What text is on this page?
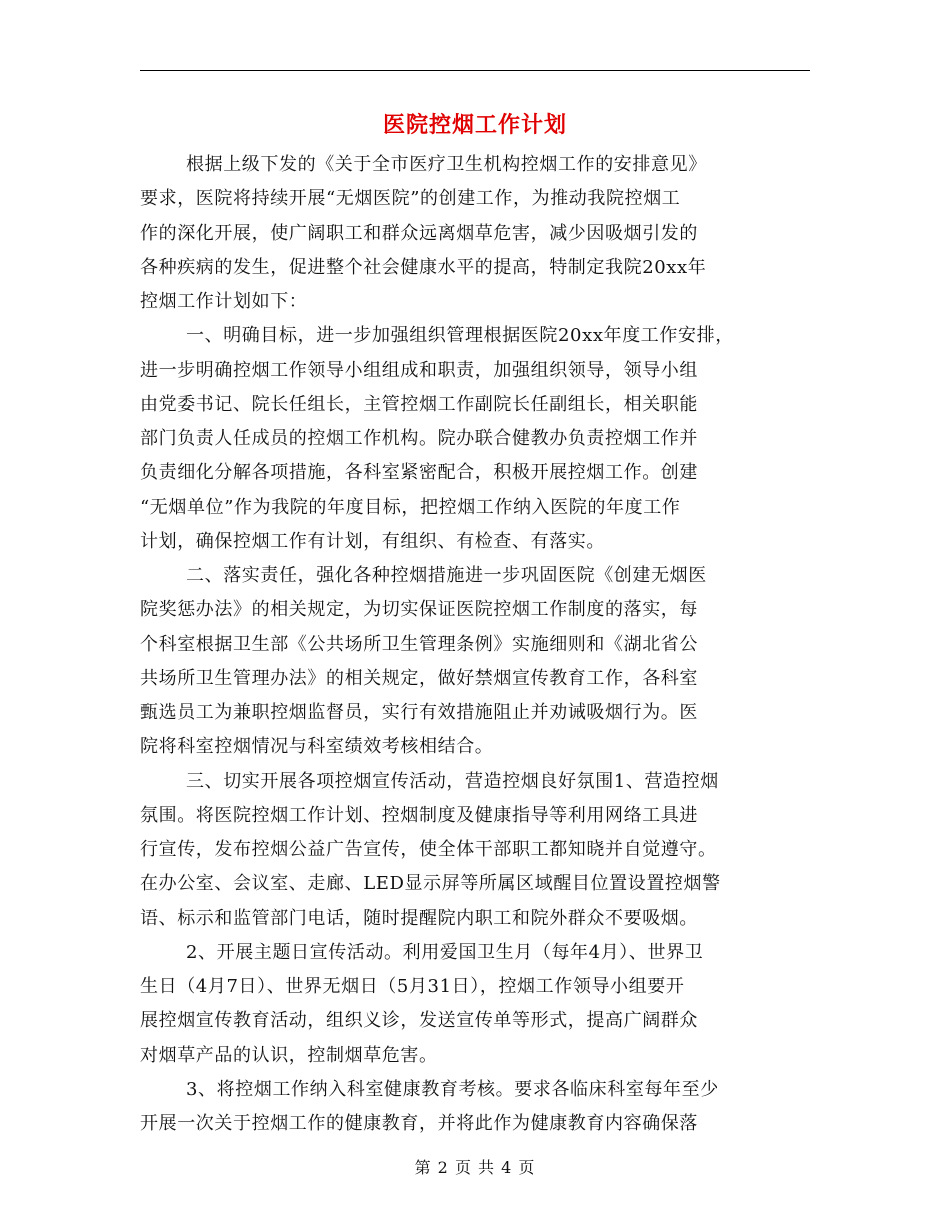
医院控烟工作计划
根据上级下发的《关于全市医疗卫生机构控烟工作的安排意见》
要求，医院将持续开展“无烟医院”的创建工作，为推动我院控烟工
作的深化开展，使广阔职工和群众远离烟草危害，减少因吸烟引发的
各种疾病的发生，促进整个社会健康水平的提高，特制定我院20xx年
控烟工作计划如下：
一、明确目标，进一步加强组织管理根据医院20xx年度工作安排，
进一步明确控烟工作领导小组组成和职责，加强组织领导，领导小组
由党委书记、院长任组长，主管控烟工作副院长任副组长，相关职能
部门负责人任成员的控烟工作机构。院办联合健教办负责控烟工作并
负责细化分解各项措施，各科室紧密配合，积极开展控烟工作。创建
“无烟单位”作为我院的年度目标，把控烟工作纳入医院的年度工作
计划，确保控烟工作有计划，有组织、有检查、有落实。
二、落实责任，强化各种控烟措施进一步巩固医院《创建无烟医
院奖惩办法》的相关规定，为切实保证医院控烟工作制度的落实，每
个科室根据卫生部《公共场所卫生管理条例》实施细则和《湖北省公
共场所卫生管理办法》的相关规定，做好禁烟宣传教育工作，各科室
甄选员工为兼职控烟监督员，实行有效措施阻止并劝诫吸烟行为。医
院将科室控烟情况与科室绩效考核相结合。
三、切实开展各项控烟宣传活动，营造控烟良好氛围1、营造控烟
氛围。将医院控烟工作计划、控烟制度及健康指导等利用网络工具进
行宣传，发布控烟公益广告宣传，使全体干部职工都知晓并自觉遵守。
在办公室、会议室、走廊、LED显示屏等所属区域醒目位置设置控烟警
语、标示和监管部门电话，随时提醒院内职工和院外群众不要吸烟。
2、开展主题日宣传活动。利用爱国卫生月（每年4月）、世界卫
生日（4月7日）、世界无烟日（5月31日），控烟工作领导小组要开
展控烟宣传教育活动，组织义诊，发送宣传单等形式，提高广阔群众
对烟草产品的认识，控制烟草危害。
3、将控烟工作纳入科室健康教育考核。要求各临床科室每年至少
开展一次关于控烟工作的健康教育，并将此作为健康教育内容确保落
第 2 页 共 4 页
